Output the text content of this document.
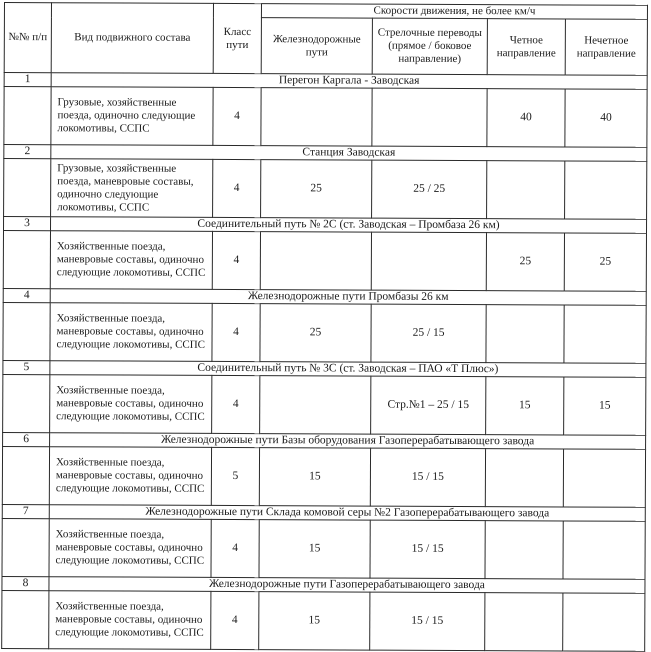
№№ п/п	Вид подвижного состава	Класс пути	Скорости движения, не более км/ч			
			Железнодорожные пути	Стрелочные переводы (прямое / боковое направление)	Четное направление	Нечетное направление
1	Перегон Каргала - Заводская					
	Грузовые, хозяйственные поезда, одиночно следующие локомотивы, ССПС	4			40	40
2	Станция Заводская					
	Грузовые, хозяйственные поезда, маневровые составы, одиночно следующие локомотивы, ССПС	4	25	25 / 25		
3	Соединительный путь № 2С (ст. Заводская – Промбаза 26 км)					
	Хозяйственные поезда, маневровые составы, одиночно следующие локомотивы, ССПС	4			25	25
4	Железнодорожные пути Промбазы 26 км					
	Хозяйственные поезда, маневровые составы, одиночно следующие локомотивы, ССПС	4	25	25 / 15		
5	Соединительный путь № 3С (ст. Заводская – ПАО «Т Плюс»)					
	Хозяйственные поезда, маневровые составы, одиночно следующие локомотивы, ССПС	4		Стр.№1 – 25 / 15	15	15
6	Железнодорожные пути Базы оборудования Газоперерабатывающего завода					
	Хозяйственные поезда, маневровые составы, одиночно следующие локомотивы, ССПС	5	15	15 / 15		
7	Железнодорожные пути Склада комовой серы №2 Газоперерабатывающего завода					
	Хозяйственные поезда, маневровые составы, одиночно следующие локомотивы, ССПС	4	15	15 / 15		
8	Железнодорожные пути Газоперерабатывающего завода					
	Хозяйственные поезда, маневровые составы, одиночно следующие локомотивы, ССПС	4	15	15 / 15		
